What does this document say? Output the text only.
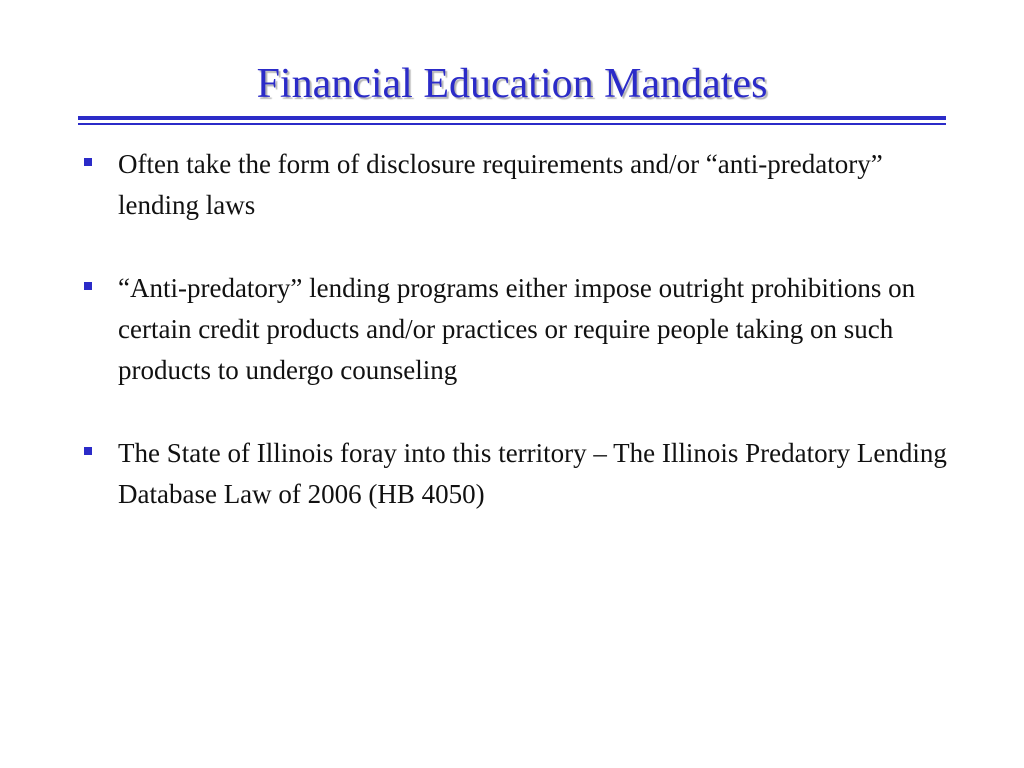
Financial Education Mandates
Often take the form of disclosure requirements and/or “anti-predatory” lending laws
“Anti-predatory” lending programs either impose outright prohibitions on certain credit products and/or practices or require people taking on such products to undergo counseling
The State of Illinois foray into this territory – The Illinois Predatory Lending Database Law of 2006 (HB 4050)
